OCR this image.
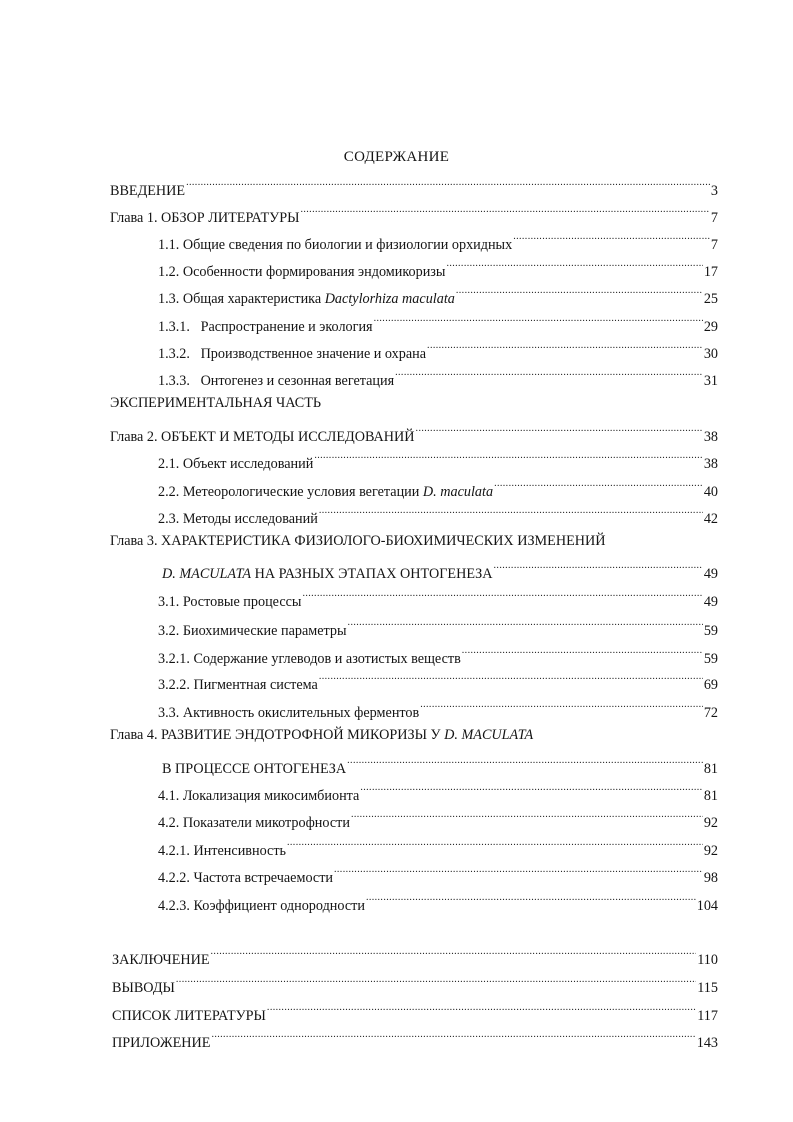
СОДЕРЖАНИЕ
ВВЕДЕНИЕ .....	3
Глава 1. ОБЗОР ЛИТЕРАТУРЫ .....	7
1.1. Общие сведения по биологии и физиологии орхидных .....	7
1.2. Особенности формирования эндомикоризы .....	17
1.3. Общая характеристика Dactylorhiza maculata .....	25
1.3.1.   Распространение и экология .....	29
1.3.2.   Производственное значение и охрана .....	30
1.3.3.   Онтогенез и сезонная вегетация .....	31
ЭКСПЕРИМЕНТАЛЬНАЯ ЧАСТЬ
Глава 2. ОБЪЕКТ И МЕТОДЫ ИССЛЕДОВАНИЙ .....	38
2.1. Объект исследований .....	38
2.2. Метеорологические условия вегетации D. maculata .....	40
2.3. Методы исследований .....	42
Глава 3. ХАРАКТЕРИСТИКА ФИЗИОЛОГО-БИОХИМИЧЕСКИХ ИЗМЕНЕНИЙ
D. MACULATA НА РАЗНЫХ ЭТАПАХ ОНТОГЕНЕЗА .....	49
3.1. Ростовые процессы .....	49
3.2. Биохимические параметры .....	59
3.2.1. Содержание углеводов и азотистых веществ .....	59
3.2.2. Пигментная система .....	69
3.3. Активность окислительных ферментов .....	72
Глава 4. РАЗВИТИЕ ЭНДОТРОФНОЙ МИКОРИЗЫ У D. MACULATA
В ПРОЦЕССЕ ОНТОГЕНЕЗА .....	81
4.1. Локализация микосимбионта .....	81
4.2. Показатели микотрофности .....	92
4.2.1. Интенсивность .....	92
4.2.2. Частота встречаемости .....	98
4.2.3. Коэффициент однородности .....	104
ЗАКЛЮЧЕНИЕ .....	110
ВЫВОДЫ .....	115
СПИСОК ЛИТЕРАТУРЫ .....	117
ПРИЛОЖЕНИЕ .....	143
